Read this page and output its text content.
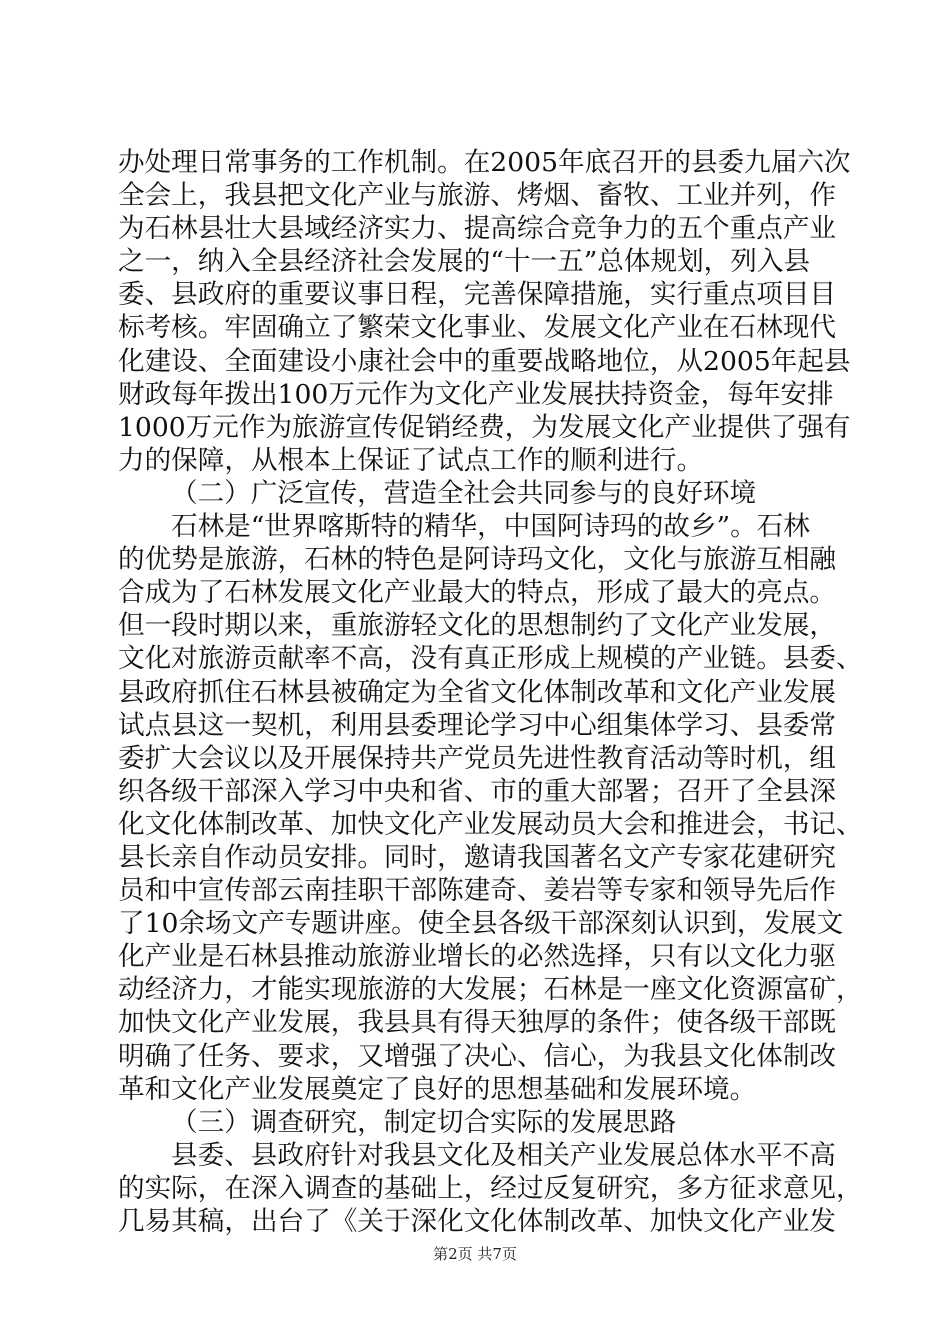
办处理日常事务的工作机制。在2005年底召开的县委九届六次
全会上，我县把文化产业与旅游、烤烟、畜牧、工业并列，作
为石林县壮大县域经济实力、提高综合竞争力的五个重点产业
之一，纳入全县经济社会发展的“十一五”总体规划，列入县
委、县政府的重要议事日程，完善保障措施，实行重点项目目
标考核。牢固确立了繁荣文化事业、发展文化产业在石林现代
化建设、全面建设小康社会中的重要战略地位，从2005年起县
财政每年拨出100万元作为文化产业发展扶持资金，每年安排
1000万元作为旅游宣传促销经费，为发展文化产业提供了强有
力的保障，从根本上保证了试点工作的顺利进行。
（二）广泛宣传，营造全社会共同参与的良好环境
石林是“世界喀斯特的精华，中国阿诗玛的故乡”。石林
的优势是旅游，石林的特色是阿诗玛文化，文化与旅游互相融
合成为了石林发展文化产业最大的特点，形成了最大的亮点。
但一段时期以来，重旅游轻文化的思想制约了文化产业发展，
文化对旅游贡献率不高，没有真正形成上规模的产业链。县委、
县政府抓住石林县被确定为全省文化体制改革和文化产业发展
试点县这一契机，利用县委理论学习中心组集体学习、县委常
委扩大会议以及开展保持共产党员先进性教育活动等时机，组
织各级干部深入学习中央和省、市的重大部署；召开了全县深
化文化体制改革、加快文化产业发展动员大会和推进会，书记、
县长亲自作动员安排。同时，邀请我国著名文产专家花建研究
员和中宣传部云南挂职干部陈建奇、姜岩等专家和领导先后作
了10余场文产专题讲座。使全县各级干部深刻认识到，发展文
化产业是石林县推动旅游业增长的必然选择，只有以文化力驱
动经济力，才能实现旅游的大发展；石林是一座文化资源富矿，
加快文化产业发展，我县具有得天独厚的条件；使各级干部既
明确了任务、要求，又增强了决心、信心，为我县文化体制改
革和文化产业发展奠定了良好的思想基础和发展环境。
（三）调查研究，制定切合实际的发展思路
县委、县政府针对我县文化及相关产业发展总体水平不高
的实际，在深入调查的基础上，经过反复研究，多方征求意见，
几易其稿，出台了《关于深化文化体制改革、加快文化产业发
第2页 共7页
